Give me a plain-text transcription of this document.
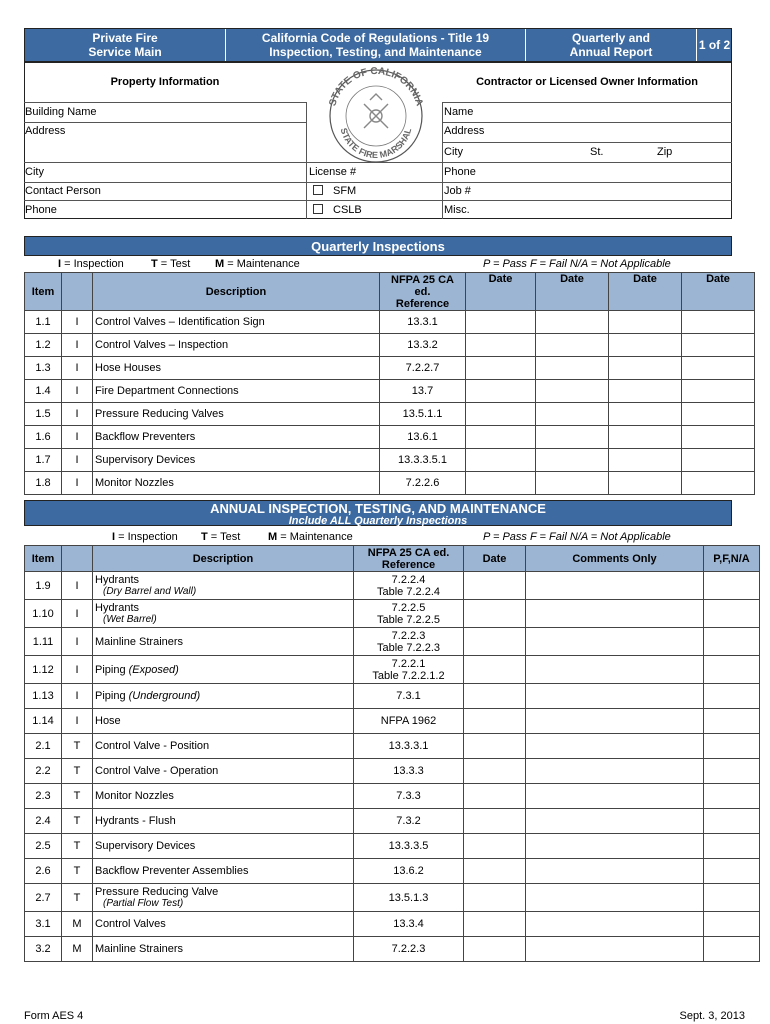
Private Fire
Service Main
California Code of Regulations - Title 19
Inspection, Testing, and Maintenance
Quarterly and
Annual Report	1 of 2
Property Information	Contractor or Licensed Owner Information
Building Name
Address
City
Contact Person
Phone
License #
SFM
CSLB
Name
Address
City	St.	Zip
Phone
Job #
Misc.
STATE OF CALIFORNIA
STATE FIRE MARSHAL
Quarterly Inspections
I = Inspection T = Test M = Maintenance	P = Pass F = Fail N/A = Not Applicable
Item		Description	NFPA 25 CA
ed.
Reference	Date	Date	Date	Date
1.1	I	Control Valves – Identification Sign	13.3.1				
1.2	I	Control Valves – Inspection	13.3.2				
1.3	I	Hose Houses	7.2.2.7				
1.4	I	Fire Department Connections	13.7				
1.5	I	Pressure Reducing Valves	13.5.1.1				
1.6	I	Backflow Preventers	13.6.1				
1.7	I	Supervisory Devices	13.3.3.5.1				
1.8	I	Monitor Nozzles	7.2.2.6				
ANNUAL INSPECTION, TESTING, AND MAINTENANCE
Include ALL Quarterly Inspections
I = Inspection T = Test	M = Maintenance	P = Pass F = Fail N/A = Not Applicable
Item		Description	NFPA 25 CA ed.
Reference	Date	Comments Only	P,F,N/A
1.9	I	Hydrants
(Dry Barrel and Wall)	7.2.2.4
Table 7.2.2.4			
1.10	I	Hydrants
(Wet Barrel)	7.2.2.5
Table 7.2.2.5			
1.11	I	Mainline Strainers	7.2.2.3
Table 7.2.2.3			
1.12	I	Piping (Exposed)	7.2.2.1
Table 7.2.2.1.2			
1.13	I	Piping (Underground)	7.3.1			
1.14	I	Hose	NFPA 1962			
2.1	T	Control Valve - Position	13.3.3.1			
2.2	T	Control Valve - Operation	13.3.3			
2.3	T	Monitor Nozzles	7.3.3			
2.4	T	Hydrants - Flush	7.3.2			
2.5	T	Supervisory Devices	13.3.3.5			
2.6	T	Backflow Preventer Assemblies	13.6.2			
2.7	T	Pressure Reducing Valve
(Partial Flow Test)	13.5.1.3			
3.1	M	Control Valves	13.3.4			
3.2	M	Mainline Strainers	7.2.2.3			
Form AES 4	Sept. 3, 2013
